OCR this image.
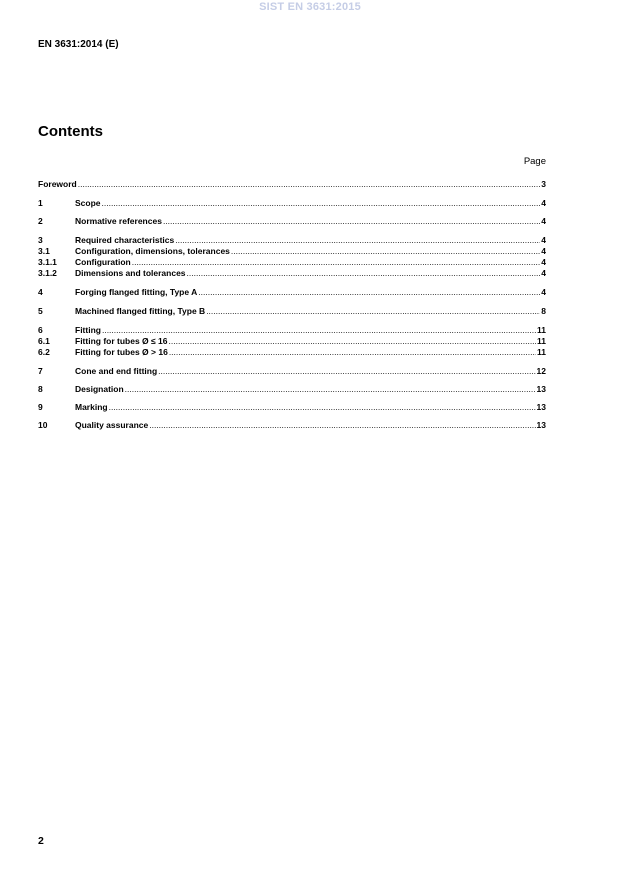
SIST EN 3631:2015
EN 3631:2014 (E)
Contents
Page
Foreword .....	3
1	Scope .....	4
2	Normative references .....	4
3	Required characteristics .....	4
3.1	Configuration, dimensions, tolerances .....	4
3.1.1	Configuration .....	4
3.1.2	Dimensions and tolerances .....	4
4	Forging flanged fitting, Type A .....	4
5	Machined flanged fitting, Type B .....	8
6	Fitting .....	11
6.1	Fitting for tubes Ø ≤ 16 .....	11
6.2	Fitting for tubes Ø > 16 .....	11
7	Cone and end fitting .....	12
8	Designation .....	13
9	Marking .....	13
10	Quality assurance .....	13
2
